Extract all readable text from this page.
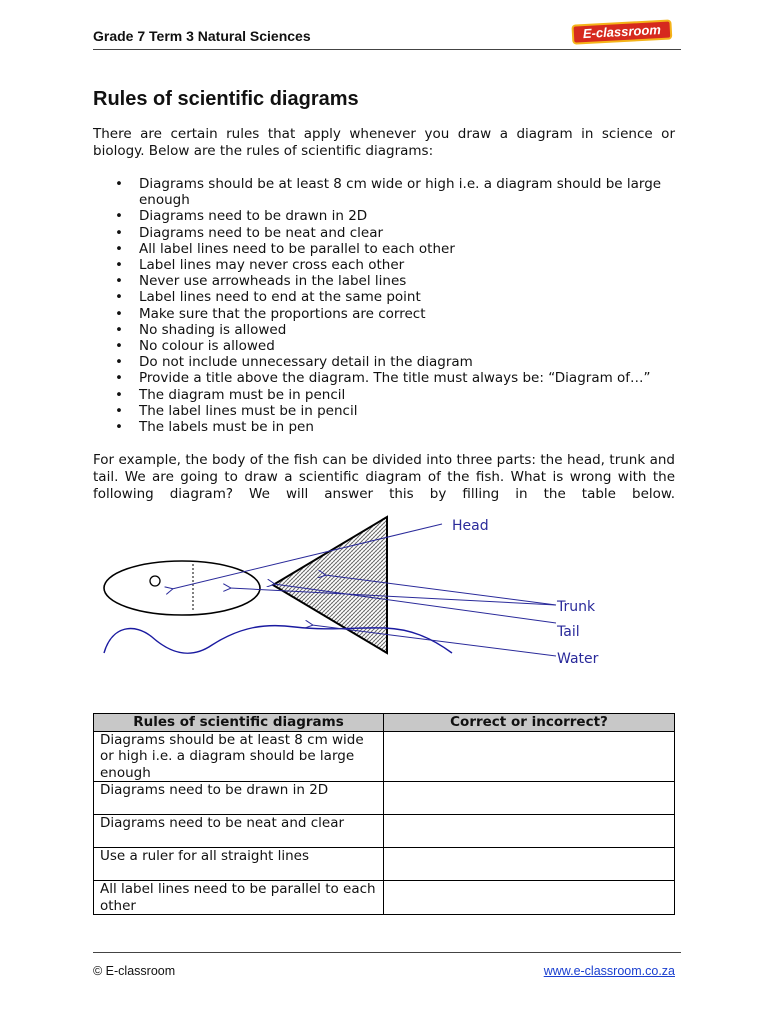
Grade 7 Term 3 Natural Sciences	E-classroom
Rules of scientific diagrams
There are certain rules that apply whenever you draw a diagram in science or biology. Below are the rules of scientific diagrams:
• Diagrams should be at least 8 cm wide or high i.e. a diagram should be large enough
• Diagrams need to be drawn in 2D
• Diagrams need to be neat and clear
• All label lines need to be parallel to each other
• Label lines may never cross each other
• Never use arrowheads in the label lines
• Label lines need to end at the same point
• Make sure that the proportions are correct
• No shading is allowed
• No colour is allowed
• Do not include unnecessary detail in the diagram
• Provide a title above the diagram. The title must always be: “Diagram of…”
• The diagram must be in pencil
• The label lines must be in pencil
• The labels must be in pen
For example, the body of the fish can be divided into three parts: the head, trunk and tail. We are going to draw a scientific diagram of the fish. What is wrong with the following diagram? We will answer this by filling in the table below.
Head
Trunk
Tail
Water
Rules of scientific diagrams	Correct or incorrect?
Diagrams should be at least 8 cm wide or high i.e. a diagram should be large enough	
Diagrams need to be drawn in 2D	
Diagrams need to be neat and clear	
Use a ruler for all straight lines	
All label lines need to be parallel to each other	
© E-classroom	www.e-classroom.co.za
